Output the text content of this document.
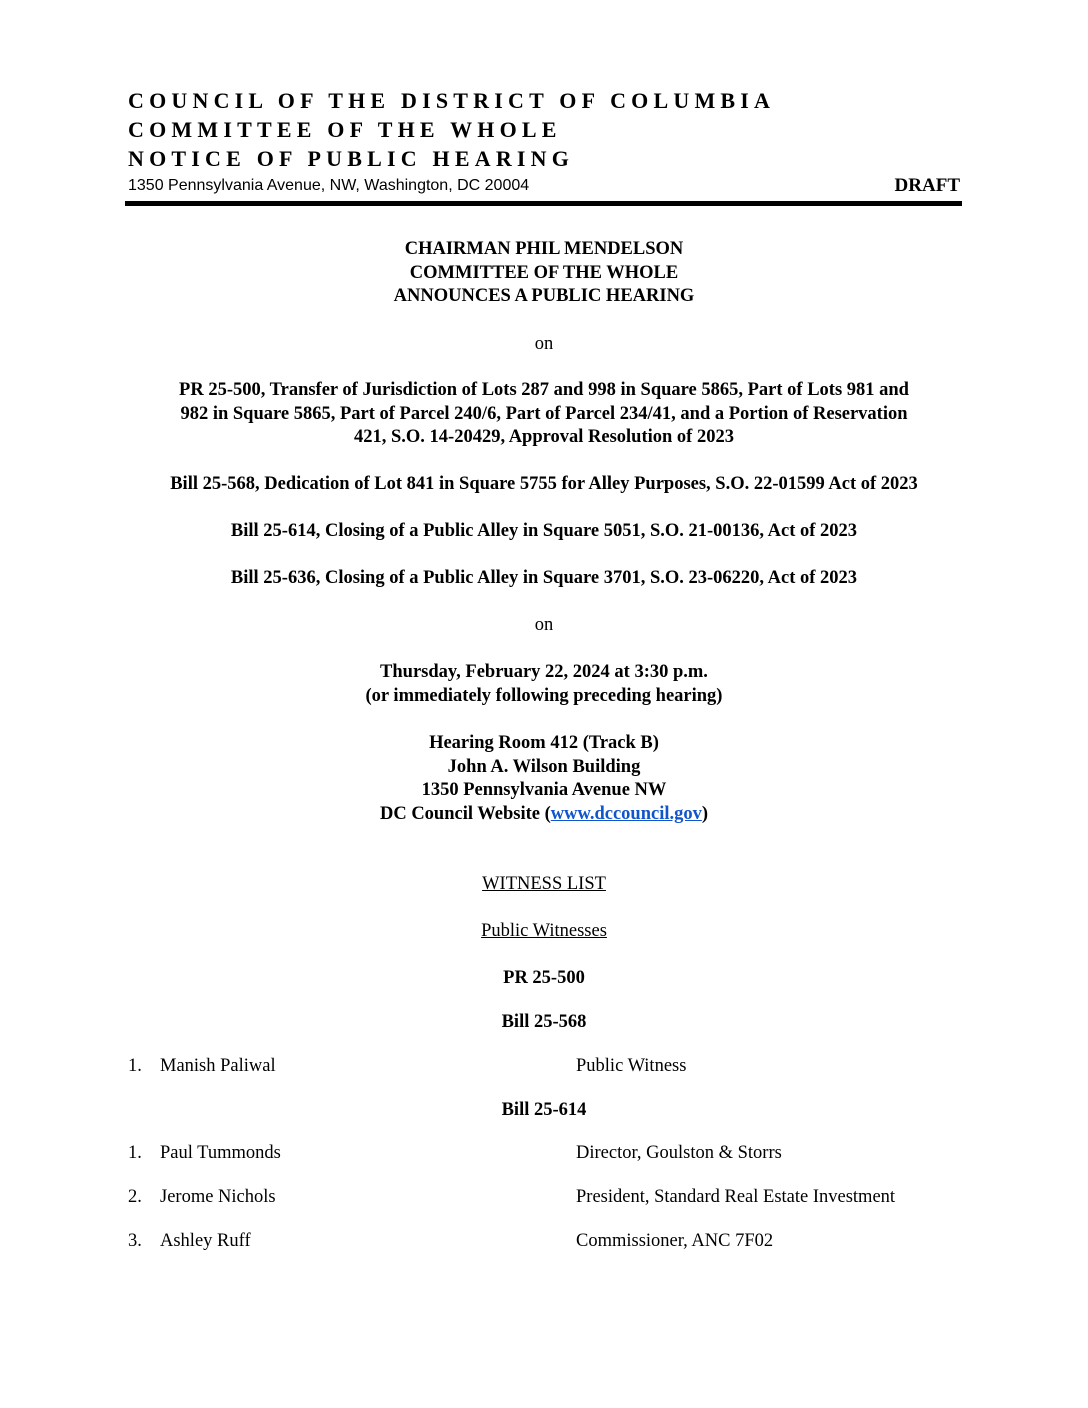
COUNCIL OF THE DISTRICT OF COLUMBIA
COMMITTEE OF THE WHOLE
NOTICE OF PUBLIC HEARING
1350 Pennsylvania Avenue, NW, Washington, DC 20004	DRAFT
CHAIRMAN PHIL MENDELSON
COMMITTEE OF THE WHOLE
ANNOUNCES A PUBLIC HEARING
on
PR 25-500, Transfer of Jurisdiction of Lots 287 and 998 in Square 5865, Part of Lots 981 and
982 in Square 5865, Part of Parcel 240/6, Part of Parcel 234/41, and a Portion of Reservation
421, S.O. 14-20429, Approval Resolution of 2023
Bill 25-568, Dedication of Lot 841 in Square 5755 for Alley Purposes, S.O. 22-01599 Act of 2023
Bill 25-614, Closing of a Public Alley in Square 5051, S.O. 21-00136, Act of 2023
Bill 25-636, Closing of a Public Alley in Square 3701, S.O. 23-06220, Act of 2023
on
Thursday, February 22, 2024 at 3:30 p.m.
(or immediately following preceding hearing)
Hearing Room 412 (Track B)
John A. Wilson Building
1350 Pennsylvania Avenue NW
DC Council Website (www.dccouncil.gov)
WITNESS LIST
Public Witnesses
PR 25-500
Bill 25-568
1. Manish Paliwal	Public Witness
Bill 25-614
1. Paul Tummonds	Director, Goulston & Storrs
2. Jerome Nichols	President, Standard Real Estate Investment
3. Ashley Ruff	Commissioner, ANC 7F02
